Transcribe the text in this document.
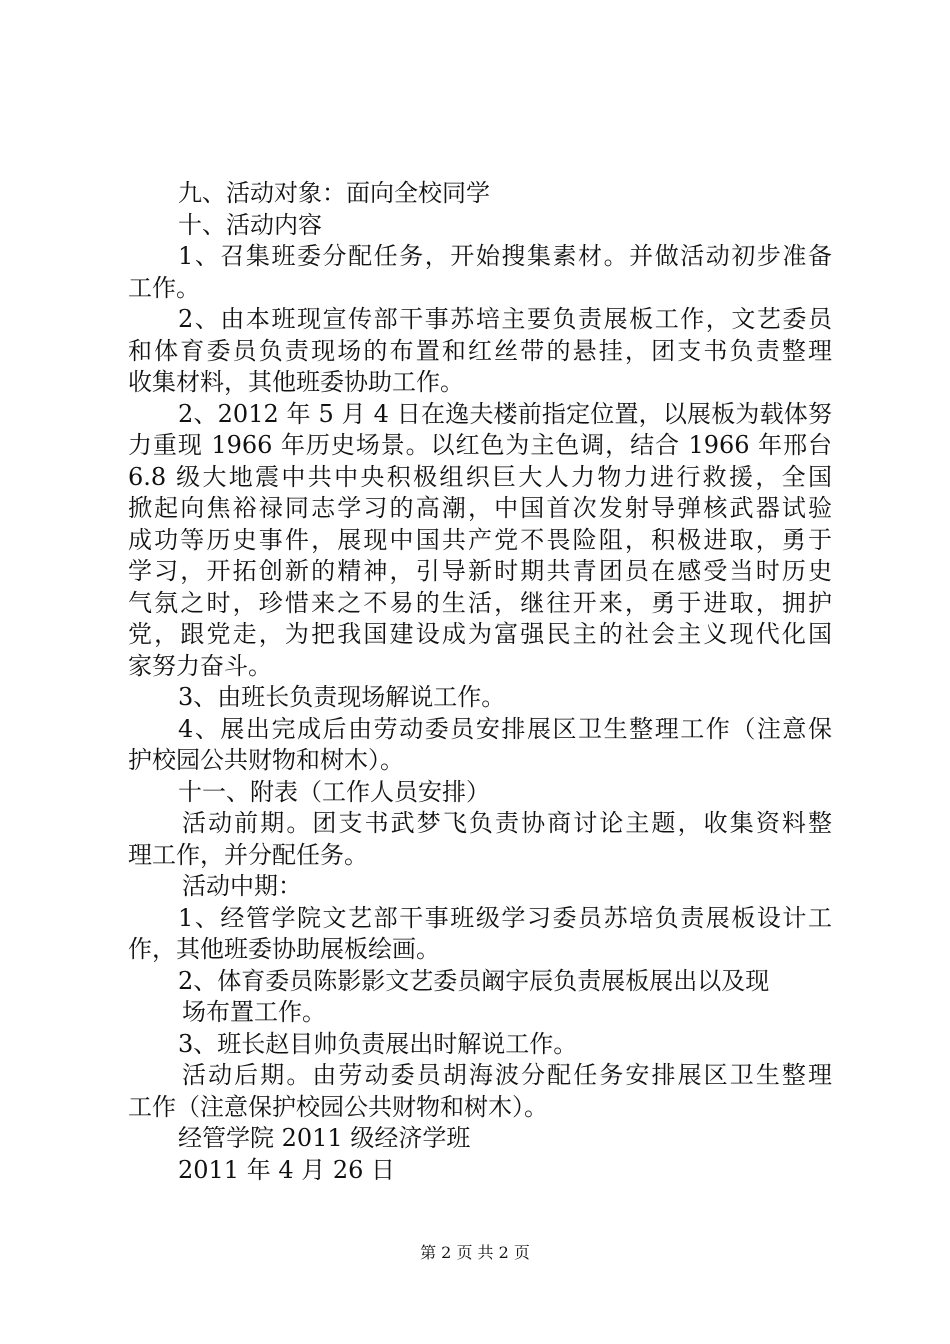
九、活动对象：面向全校同学
十、活动内容
1、召集班委分配任务，开始搜集素材。并做活动初步准备
工作。
2、由本班现宣传部干事苏培主要负责展板工作，文艺委员
和体育委员负责现场的布置和红丝带的悬挂，团支书负责整理
收集材料，其他班委协助工作。
2、2012 年 5 月 4 日在逸夫楼前指定位置，以展板为载体努
力重现 1966 年历史场景。以红色为主色调，结合 1966 年邢台
6.8 级大地震中共中央积极组织巨大人力物力进行救援，全国
掀起向焦裕禄同志学习的高潮，中国首次发射导弹核武器试验
成功等历史事件，展现中国共产党不畏险阻，积极进取，勇于
学习，开拓创新的精神，引导新时期共青团员在感受当时历史
气氛之时，珍惜来之不易的生活，继往开来，勇于进取，拥护
党，跟党走，为把我国建设成为富强民主的社会主义现代化国
家努力奋斗。
3、由班长负责现场解说工作。
4、展出完成后由劳动委员安排展区卫生整理工作（注意保
护校园公共财物和树木）。
十一、附表（工作人员安排）
活动前期。团支书武梦飞负责协商讨论主题，收集资料整
理工作，并分配任务。
活动中期：
1、经管学院文艺部干事班级学习委员苏培负责展板设计工
作，其他班委协助展板绘画。
2、体育委员陈影影文艺委员阚宇辰负责展板展出以及现
场布置工作。
3、班长赵目帅负责展出时解说工作。
活动后期。由劳动委员胡海波分配任务安排展区卫生整理
工作（注意保护校园公共财物和树木）。
经管学院 2011 级经济学班
2011 年 4 月 26 日
第 2 页 共 2 页
